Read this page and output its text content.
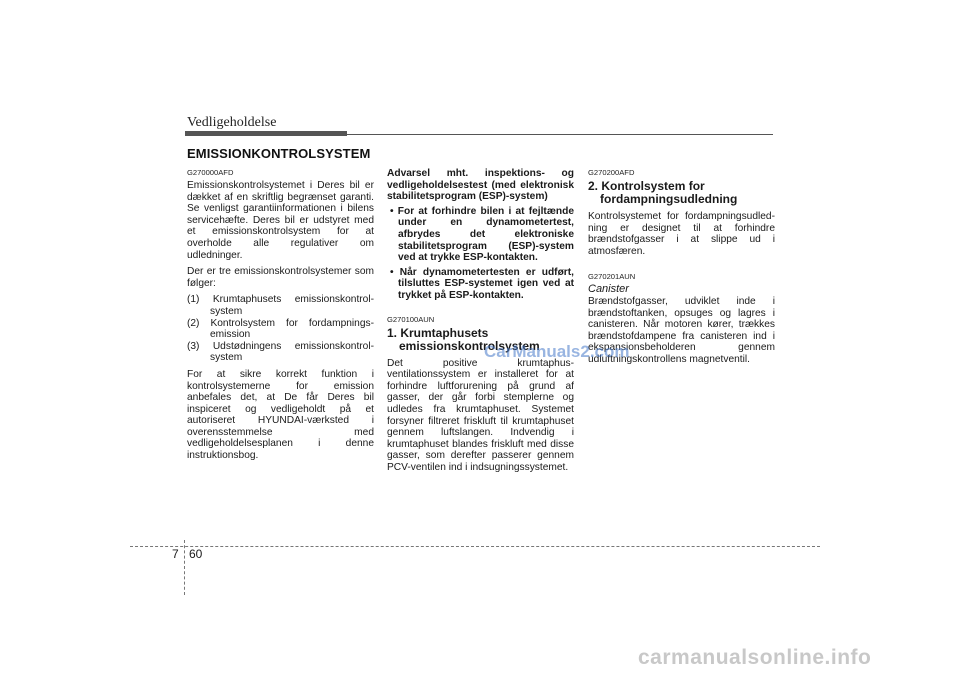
Vedligeholdelse
EMISSIONKONTROLSYSTEM

G270000AFD

Emissionskontrolsystemet i Deres bil er dækket af en skriftlig begrænset garanti. Se venligst garantiinformationen i bilens servicehæfte. Deres bil er udstyret med et emissionskontrolsystem for at overholde alle regulativer om udledninger.

Der er tre emissionskontrolsystemer som følger:

(1) Krumtaphusets emissionskontrol-system

(2) Kontrolsystem for fordampnings-emission

(3) Udstødningens emissionskontrol-system

For at sikre korrekt funktion i kontrolsystemerne for emission anbefales det, at De får Deres bil inspiceret og vedligeholdt på et autoriseret HYUNDAI-værksted i overensstemmelse med vedligeholdelsesplanen i denne instruktionsbog.

Advarsel mht. inspektions- og vedligeholdelsestest (med elektronisk stabilitetsprogram (ESP)-system)

• For at forhindre bilen i at fejltænde under en dynamometertest, afbrydes det elektroniske stabilitetsprogram (ESP)-system ved at trykke ESP-kontakten.

• Når dynamometertesten er udført, tilsluttes ESP-systemet igen ved at trykket på ESP-kontakten.

G270100AUN

1. Krumtaphusets emissionskontrolsystem

Det positive krumtaphus-ventilationssystem er installeret for at forhindre luftforurening på grund af gasser, der går forbi stemplerne og udledes fra krumtaphuset. Systemet forsyner filtreret friskluft til krumtaphuset gennem luftslangen. Indvendig i krumtaphuset blandes friskluft med disse gasser, som derefter passerer gennem PCV-ventilen ind i indsugningssystemet.

G270200AFD

2. Kontrolsystem for fordampningsudledning

Kontrolsystemet for fordampningsudled-ning er designet til at forhindre brændstofgasser i at slippe ud i atmosfæren.

G270201AUN

Canister

Brændstofgasser, udviklet inde i brændstoftanken, opsuges og lagres i canisteren. Når motoren kører, trækkes brændstofdampene fra canisteren ind i ekspansionsbeholderen gennem udluftningskontrollens magnetventil.

CarManuals2.com
7 60
carmanualsonline.info
